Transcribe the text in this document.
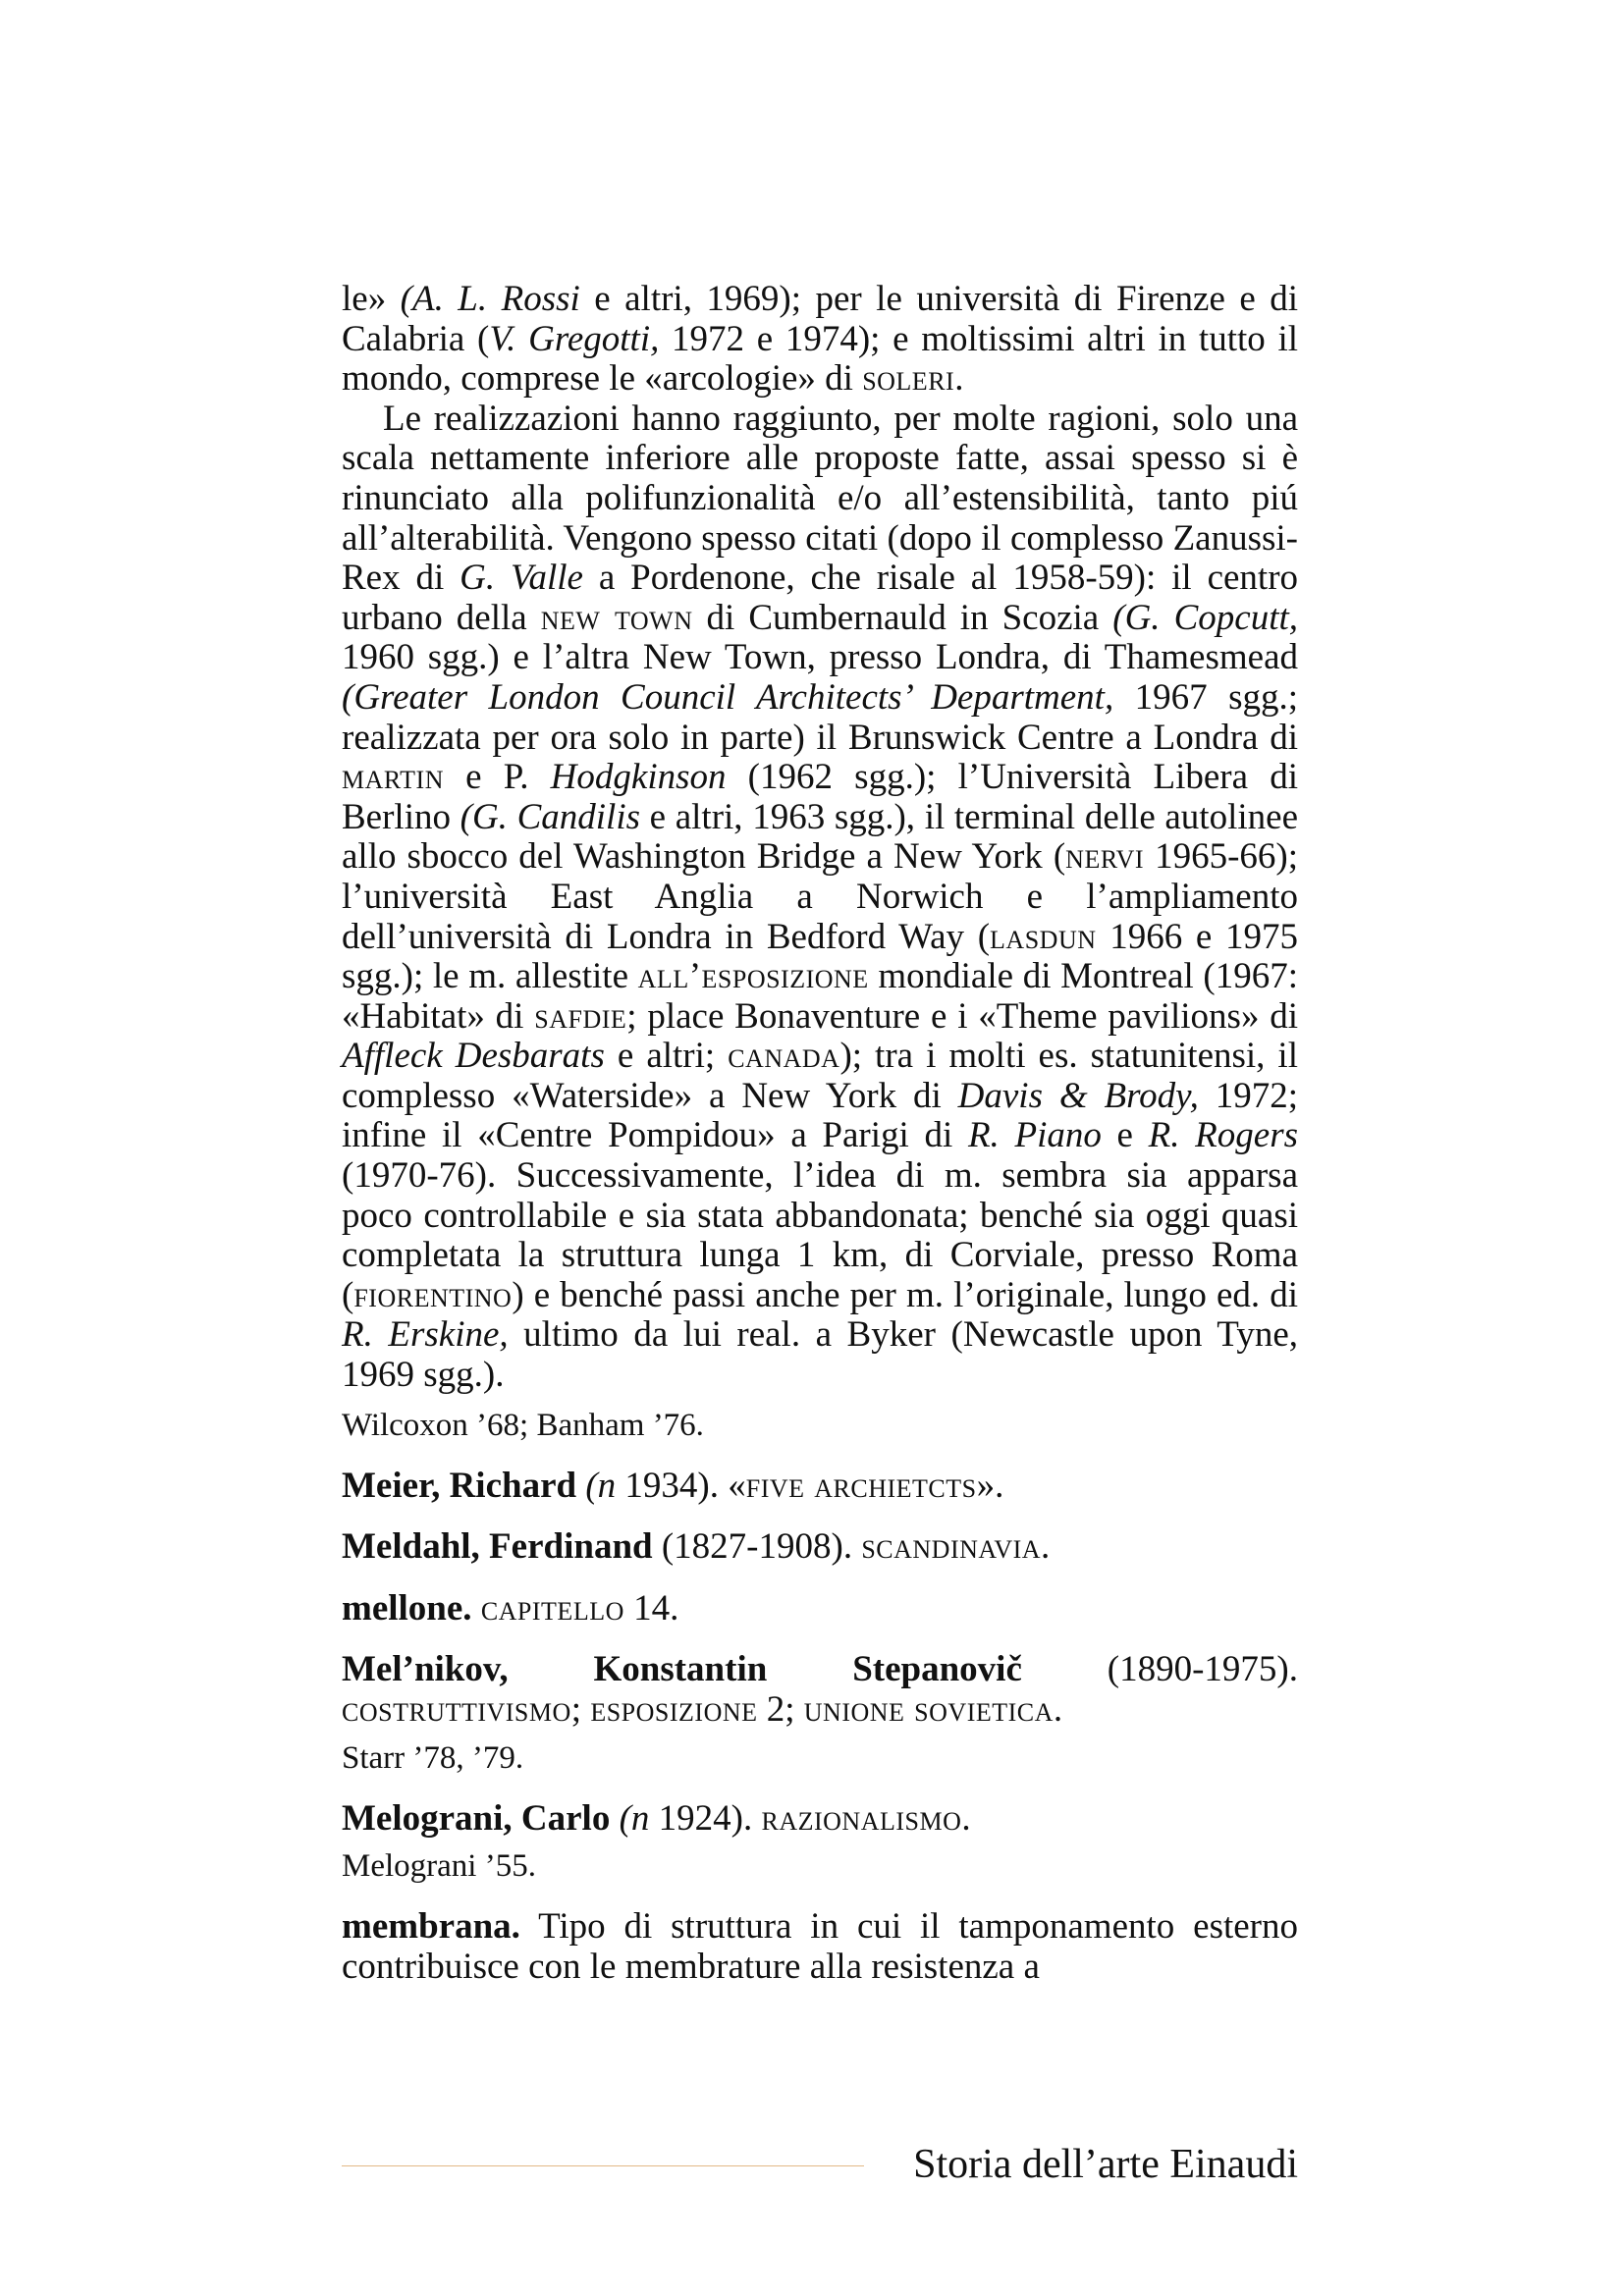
le» (A. L. Rossi e altri, 1969); per le università di Firenze e di Calabria (V. Gregotti, 1972 e 1974); e moltissimi altri in tutto il mondo, comprese le «arcologie» di soleri.

Le realizzazioni hanno raggiunto, per molte ragioni, solo una scala nettamente inferiore alle proposte fatte, assai spesso si è rinunciato alla polifunzionalità e/o all’estensibilità, tanto piú all’alterabilità. Vengono spesso citati (dopo il complesso Zanussi-Rex di G. Valle a Pordenone, che risale al 1958-59): il centro urbano della new town di Cumbernauld in Scozia (G. Copcutt, 1960 sgg.) e l’altra New Town, presso Londra, di Thamesmead (Greater London Council Architects’ Department, 1967 sgg.; realizzata per ora solo in parte) il Brunswick Centre a Londra di martin e P. Hodgkinson (1962 sgg.); l’Università Libera di Berlino (G. Candilis e altri, 1963 sgg.), il terminal delle autolinee allo sbocco del Washington Bridge a New York (nervi 1965-66); l’università East Anglia a Norwich e l’ampliamento dell’università di Londra in Bedford Way (lasdun 1966 e 1975 sgg.); le m. allestite all’esposizione mondiale di Montreal (1967: «Habitat» di safdie; place Bonaventure e i «Theme pavilions» di Affleck Desbarats e altri; canada); tra i molti es. statunitensi, il complesso «Waterside» a New York di Davis & Brody, 1972; infine il «Centre Pompidou» a Parigi di R. Piano e R. Rogers (1970-76). Successivamente, l’idea di m. sembra sia apparsa poco controllabile e sia stata abbandonata; benché sia oggi quasi completata la struttura lunga 1 km, di Corviale, presso Roma (fiorentino) e benché passi anche per m. l’originale, lungo ed. di R. Erskine, ultimo da lui real. a Byker (Newcastle upon Tyne, 1969 sgg.).

Wilcoxon ’68; Banham ’76.

Meier, Richard (n 1934). «five archietcts».

Meldahl, Ferdinand (1827-1908). scandinavia.

mellone. capitello 14.

Mel’nikov, Konstantin Stepanovič (1890-1975). costruttivismo; esposizione 2; unione sovietica.

Starr ’78, ’79.

Melograni, Carlo (n 1924). razionalismo.

Melograni ’55.

membrana. Tipo di struttura in cui il tamponamento esterno contribuisce con le membrature alla resistenza a

Storia dell’arte Einaudi
